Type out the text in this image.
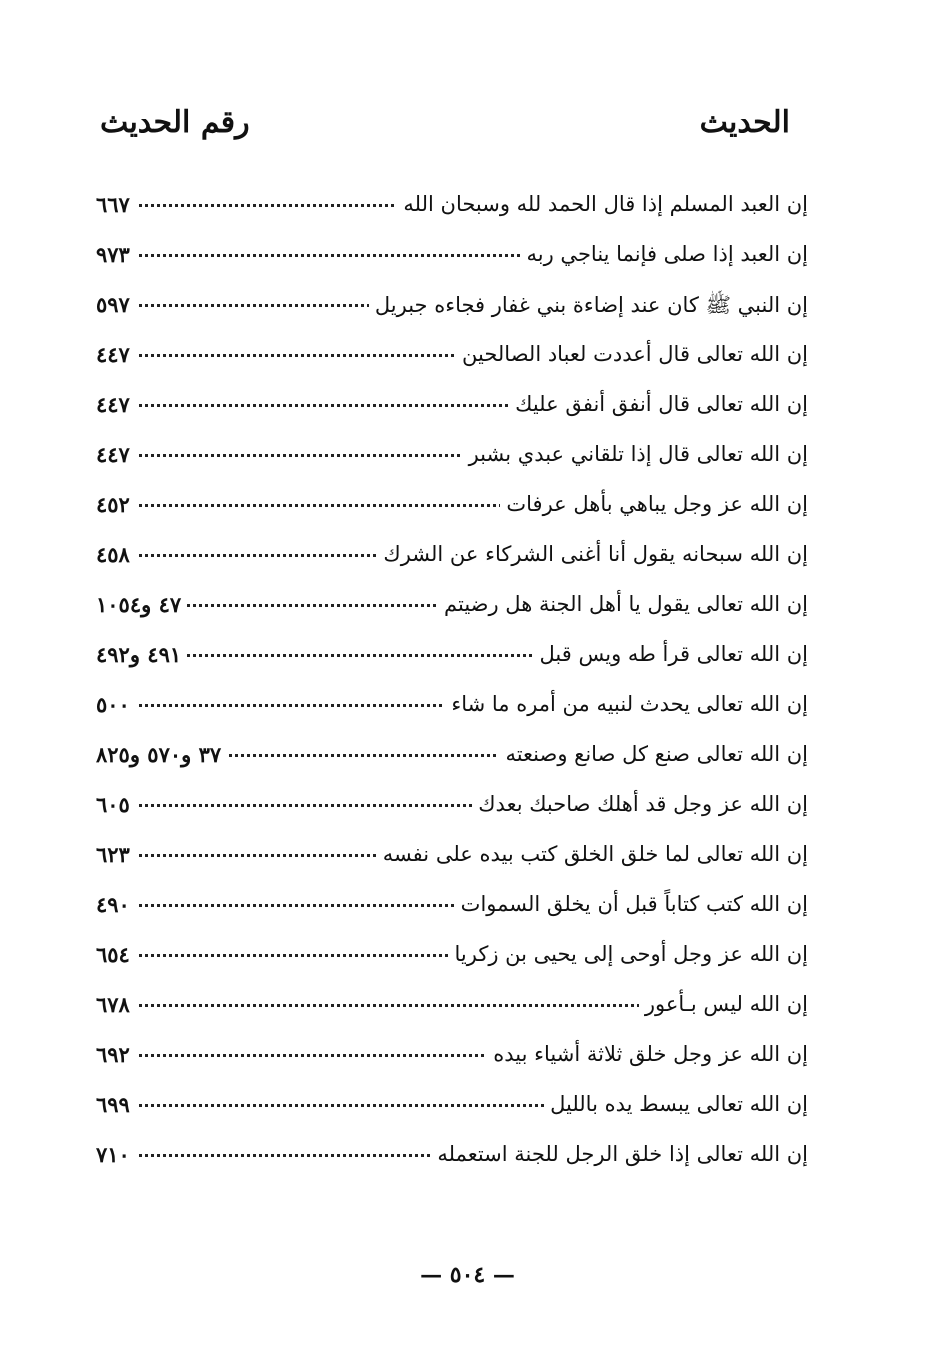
الحديث
رقم الحديث
إن العبد المسلم إذا قال الحمد لله وسبحان الله
٦٦٧
إن العبد إذا صلى فإنما يناجي ربه
٩٧٣
إن النبي ﷺ كان عند إضاءة بني غفار فجاءه جبريل
٥٩٧
إن الله تعالى قال أعددت لعباد الصالحين
٤٤٧
إن الله تعالى قال أنفق أنفق عليك
٤٤٧
إن الله تعالى قال إذا تلقاني عبدي بشبر
٤٤٧
إن الله عز وجل يباهي بأهل عرفات
٤٥٢
إن الله سبحانه يقول أنا أغنى الشركاء عن الشرك
٤٥٨
إن الله تعالى يقول يا أهل الجنة هل رضيتم
٤٧ و١٠٥٤
إن الله تعالى قرأ طه ويس قبل
٤٩١ و٤٩٢
إن الله تعالى يحدث لنبيه من أمره ما شاء
٥٠٠
إن الله تعالى صنع كل صانع وصنعته
٣٧ و٥٧٠ و٨٢٥
إن الله عز وجل قد أهلك صاحبك بعدك
٦٠٥
إن الله تعالى لما خلق الخلق كتب بيده على نفسه
٦٢٣
إن الله كتب كتاباً قبل أن يخلق السموات
٤٩٠
إن الله عز وجل أوحى إلى يحيى بن زكريا
٦٥٤
إن الله ليس بـأعور
٦٧٨
إن الله عز وجل خلق ثلاثة أشياء بيده
٦٩٢
إن الله تعالى يبسط يده بالليل
٦٩٩
إن الله تعالى إذا خلق الرجل للجنة استعمله
٧١٠
— ٥٠٤ —
